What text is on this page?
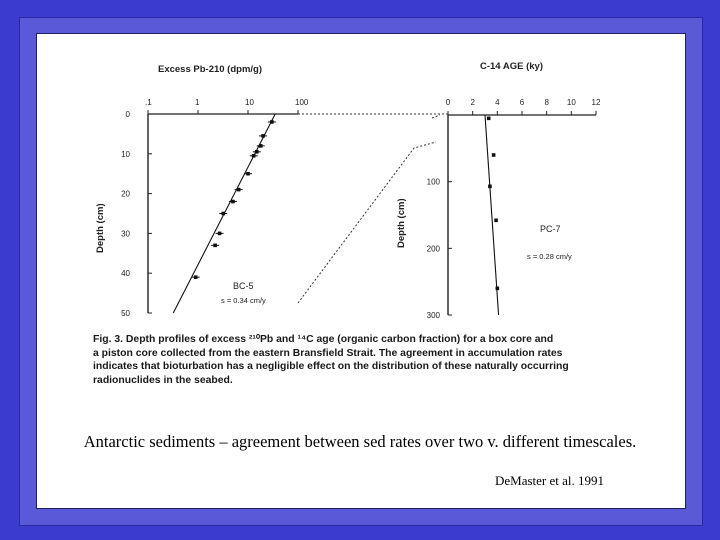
Excess Pb-210 (dpm/g)
Depth (cm)
.1	1	10	100
0
10
20
30
40
50
BC-5
s = 0.34 cm/y
C-14 AGE (ky)
Depth (cm)
0	2	4	6	8 10 12
100
200
300
PC-7
s = 0.28 cm/y
Fig. 3. Depth profiles of excess ²¹⁰Pb and ¹⁴C age (organic carbon fraction) for a box core and
a piston core collected from the eastern Bransfield Strait. The agreement in accumulation rates
indicates that bioturbation has a negligible effect on the distribution of these naturally occurring
radionuclides in the seabed.
Antarctic sediments – agreement between sed rates over two v. different timescales.
DeMaster et al. 1991
